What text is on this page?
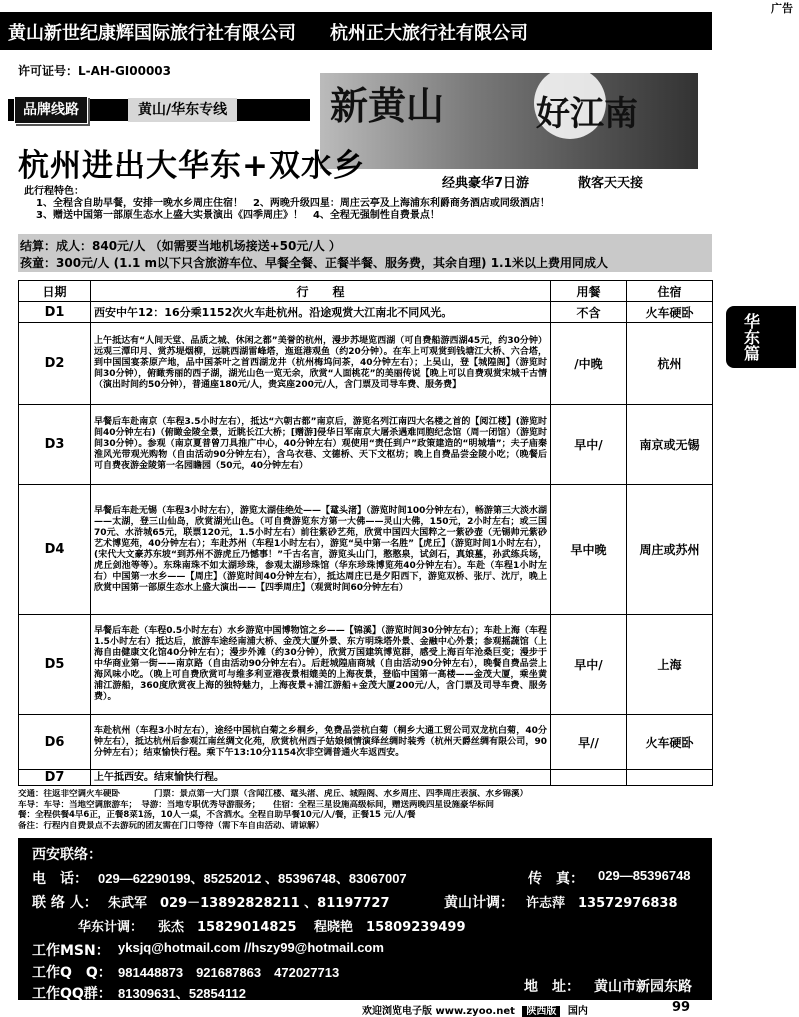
广告
黄山新世纪康辉国际旅行社有限公司 杭州正大旅行社有限公司
华东篇
许可证号：L-AH-GI00003
品牌线路	黄山/华东专线	新黄山	好江南
杭州进出大华东+双水乡	经典豪华7日游	散客天天接
此行程特色：
1、全程含自助早餐，安排一晚水乡周庄住宿！　2、两晚升级四星：周庄云亭及上海浦东利爵商务酒店或同级酒店！
3、赠送中国第一部原生态水上盛大实景演出《四季周庄》！　4、全程无强制性自费景点！
结算：成人：840元/人 （如需要当地机场接送+50元/人 ）
孩童：300元/人 (1.1 m以下只含旅游车位、早餐全餐、正餐半餐、服务费，其余自理) 1.1米以上费用同成人
日期	行　　程	用餐	住宿
D1	西安中午12：16分乘1152次火车赴杭州。沿途观赏大江南北不同风光。	不含	火车硬卧
D2	上午抵达有“人间天堂、品质之城、休闲之都”美誉的杭州，漫步苏堤览西湖（可自费船游西湖45元，约30分钟）远观三潭印月、赏苏堤烟柳，远眺西湖雷峰塔，迤逛港观鱼（约20分钟）。在车上可观赏到钱塘江大桥、六合塔，到中国国宴茶原产地，品中国茶叶之首西湖龙井（杭州梅坞问茶，40分钟左右）；上吴山，登【城隍阁】（游览时间30分钟），俯瞰秀丽的西子湖，湖光山色一览无余，欣赏“人面桃花”的美丽传说【晚上可以自费观赏宋城千古情（演出时间约50分钟），普通座180元/人，贵宾座200元/人，含门票及司导车费、服务费】	/中晚	杭州
D3	早餐后车赴南京（车程3.5小时左右），抵达“六朝古都”南京后，游览名列江南四大名楼之首的【阅江楼】(游览时间40分钟左右)（俯瞰金陵全景，近眺长江大桥；[赠游]侵华日军南京大屠杀遇难同胞纪念馆（周一闭馆）（游览时间30分钟）。参观（南京夏普曾刀具推广中心，40分钟左右）观使用“责任到户”政策建造的“明城墙”；夫子庙秦淮风光带观光购物（自由活动90分钟左右），含乌衣巷、文德桥、天下文枢坊；晚上自费品尝金陵小吃；（晚餐后可自费夜游金陵第一名园瞻园（50元，40分钟左右）	早中/	南京或无锡
D4	早餐后车赴无锡（车程3小时左右），游览太湖佳绝处——【鼋头渚】（游览时间100分钟左右），畅游第三大淡水湖——太湖，登三山仙岛，欣赏湖光山色。（可自费游览东方第一大佛——灵山大佛，150元，2小时左右；或三国70元、水浒城65元，联票120元，1.5小时左右）前往紫砂艺苑，欣赏中国四大国粹之一紫砂壶（无锡帅元紫砂艺术博览苑，40分钟左右）；车赴苏州（车程1小时左右），游览“吴中第一名胜”【虎丘】（游览时间1小时左右），(宋代大文豪苏东坡“到苏州不游虎丘乃憾事！”千古名言，游览头山门，憨憨泉，试剑石，真娘墓，孙武练兵场，虎丘剑池等等）。东珠南珠不如太湖珍珠，参观太湖珍珠馆（华东珍珠博览苑40分钟左右）。车赴（车程1小时左右）中国第一水乡——【周庄】（游览时间40分钟左右），抵达周庄已是夕阳西下，游览双桥、张厅、沈厅，晚上欣赏中国第一部原生态水上盛大演出——【四季周庄】（观赏时间60分钟左右）	早中晚	周庄或苏州
D5	早餐后车赴（车程0.5小时左右）水乡游览中国博物馆之乡——【锦溪】（游览时间30分钟左右）；车赴上海（车程1.5小时左右）抵达后，旅游车途经南浦大桥、金茂大厦外景、东方明珠塔外景、金融中心外景；参观摇蔬馆（上海自由健康文化馆40分钟左右）；漫步外滩（约30分钟），欣赏万国建筑博览群，感受上海百年沧桑巨变；漫步于中华商业第一街——南京路（自由活动90分钟左右）。后赶城隍庙商城（自由活动90分钟左右），晚餐自费品尝上海风味小吃。（晚上可自费欣赏可与维多利亚港夜景相媲美的上海夜景，登临中国第一高楼——金茂大厦，乘坐黄浦江游船，360度欣赏夜上海的独特魅力，上海夜景+浦江游船+金茂大厦200元/人，含门票及司导车费、服务费）。	早中/	上海
D6	车赴杭州（车程3小时左右），途经中国杭白菊之乡桐乡，免费品尝杭白菊（桐乡大通工贸公司双龙杭白菊，40分钟左右），抵达杭州后参观江南丝绸文化苑，欣赏杭州西子姑娘倾情演绎丝绸时装秀（杭州天爵丝绸有限公司，90分钟左右）；结束愉快行程。乘下午13:10分1154次非空调普通火车返西安。	早//	火车硬卧
D7	上午抵西安。结束愉快行程。		
交通：往返非空调火车硬卧　　　　门票：景点第一大门票（含闻江楼、鼋头渚、虎丘、城隍阁、水乡周庄、四季周庄表演、水乡锦溪）
车导：车导：当地空调旅游车；　导游：当地专职优秀导游服务；　　住宿：全程三星设施高级标间，赠送两晚四星设施豪华标间
餐：全程供餐4早6正，正餐8菜1汤，10人一桌，不含酒水。全程自助早餐10元/人/餐，正餐15 元/人/餐
备注：行程内自费景点不去游玩的团友需在门口等待（需下车自由活动、请谅解）
西安联络：
电　话： 029—62290199、85252012 、85396748、83067007	传　真： 029—85396748
联 络 人： 朱武军　029－13892828211 、81197727	黄山计调： 许志萍　13572976838
华东计调： 张杰　15829014825　 程晓艳　15809239499
工作MSN： yksjq@hotmail.com //hszy99@hotmail.com
工作Q　Q： 981448873　921687863　472027713
工作QQ群： 81309631、52854112	地　址： 黄山市新园东路
欢迎浏览电子版 www.zyoo.net 陕西版 国内	99
